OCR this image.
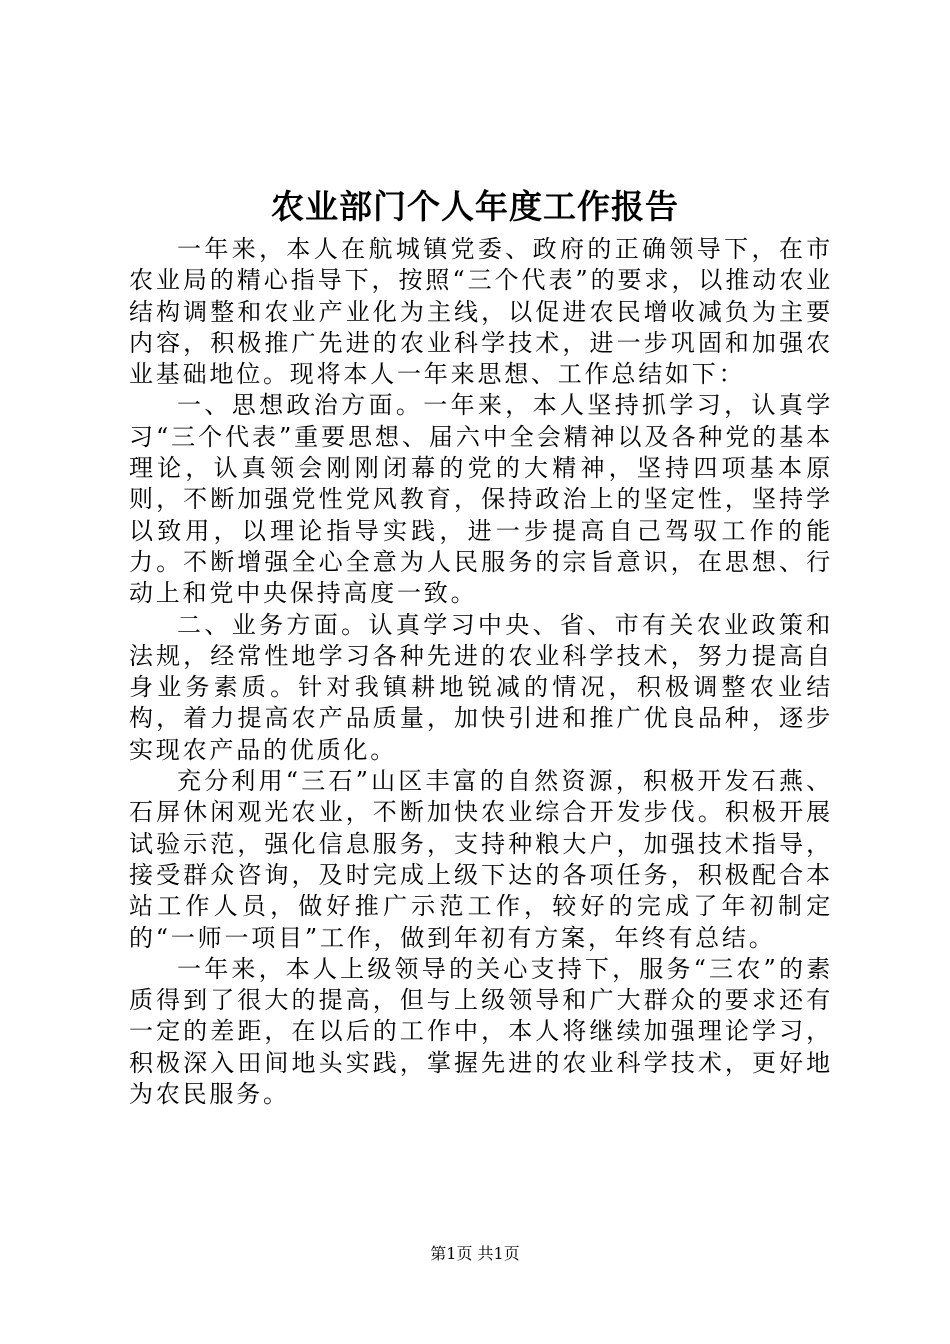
农业部门个人年度工作报告

一年来，本人在航城镇党委、政府的正确领导下，在市农业局的精心指导下，按照“三个代表”的要求，以推动农业结构调整和农业产业化为主线，以促进农民增收减负为主要内容，积极推广先进的农业科学技术，进一步巩固和加强农业基础地位。现将本人一年来思想、工作总结如下：

一、思想政治方面。一年来，本人坚持抓学习，认真学习“三个代表”重要思想、届六中全会精神以及各种党的基本理论，认真领会刚刚闭幕的党的大精神，坚持四项基本原则，不断加强党性党风教育，保持政治上的坚定性，坚持学以致用，以理论指导实践，进一步提高自己驾驭工作的能力。不断增强全心全意为人民服务的宗旨意识，在思想、行动上和党中央保持高度一致。

二、业务方面。认真学习中央、省、市有关农业政策和法规，经常性地学习各种先进的农业科学技术，努力提高自身业务素质。针对我镇耕地锐减的情况，积极调整农业结构，着力提高农产品质量，加快引进和推广优良品种，逐步实现农产品的优质化。

充分利用“三石”山区丰富的自然资源，积极开发石燕、石屏休闲观光农业，不断加快农业综合开发步伐。积极开展试验示范，强化信息服务，支持种粮大户，加强技术指导，接受群众咨询，及时完成上级下达的各项任务，积极配合本站工作人员，做好推广示范工作，较好的完成了年初制定的“一师一项目”工作，做到年初有方案，年终有总结。

一年来，本人上级领导的关心支持下，服务“三农”的素质得到了很大的提高，但与上级领导和广大群众的要求还有一定的差距，在以后的工作中，本人将继续加强理论学习，积极深入田间地头实践，掌握先进的农业科学技术，更好地为农民服务。

第1页 共1页
